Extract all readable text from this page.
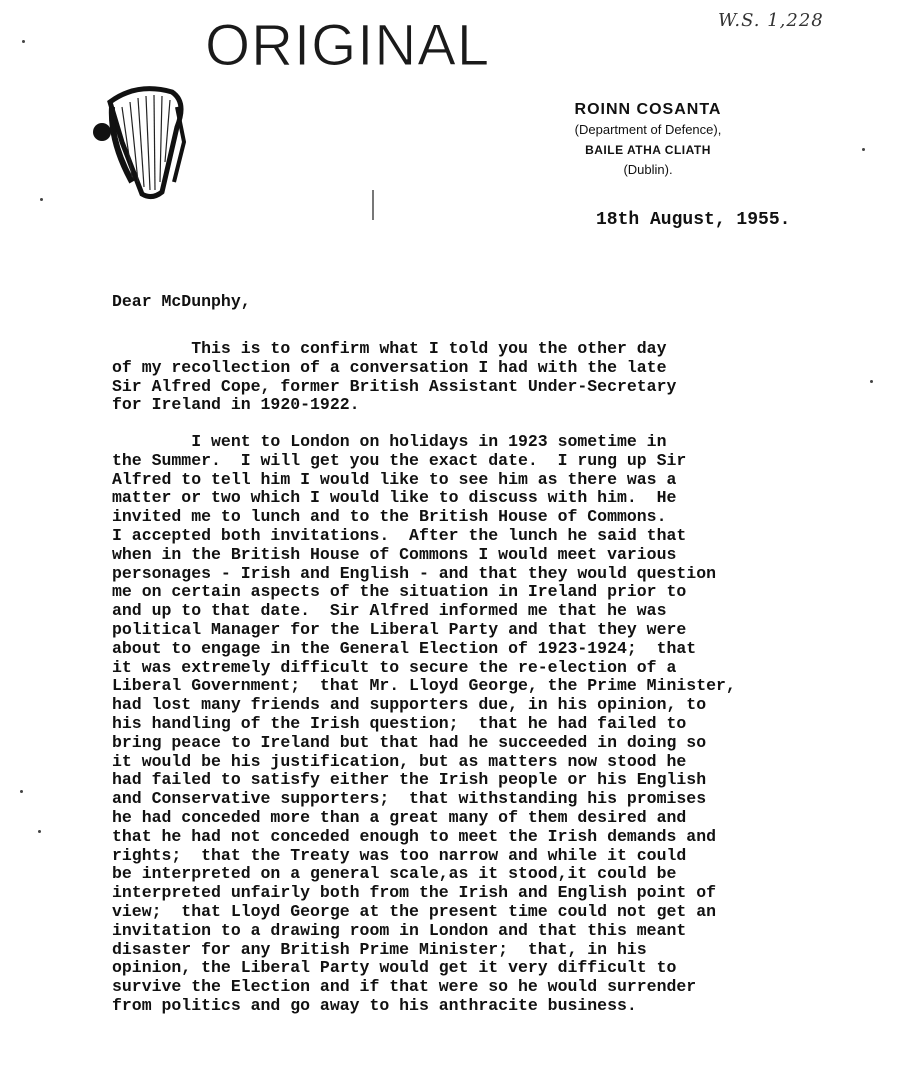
ORIGINAL	W.S. 1,228
ROINN COSANTA
(Department of Defence),
BAILE ATHA CLIATH
(Dublin).
18th August, 1955.
Dear McDunphy,
This is to confirm what I told you the other day
of my recollection of a conversation I had with the late
Sir Alfred Cope, former British Assistant Under-Secretary
for Ireland in 1920-1922.
I went to London on holidays in 1923 sometime in
the Summer.  I will get you the exact date.  I rung up Sir
Alfred to tell him I would like to see him as there was a
matter or two which I would like to discuss with him.  He
invited me to lunch and to the British House of Commons.
I accepted both invitations.  After the lunch he said that
when in the British House of Commons I would meet various
personages - Irish and English - and that they would question
me on certain aspects of the situation in Ireland prior to
and up to that date.  Sir Alfred informed me that he was
political Manager for the Liberal Party and that they were
about to engage in the General Election of 1923-1924;  that
it was extremely difficult to secure the re-election of a
Liberal Government;  that Mr. Lloyd George, the Prime Minister,
had lost many friends and supporters due, in his opinion, to
his handling of the Irish question;  that he had failed to
bring peace to Ireland but that had he succeeded in doing so
it would be his justification, but as matters now stood he
had failed to satisfy either the Irish people or his English
and Conservative supporters;  that withstanding his promises
he had conceded more than a great many of them desired and
that he had not conceded enough to meet the Irish demands and
rights;  that the Treaty was too narrow and while it could
be interpreted on a general scale,as it stood,it could be
interpreted unfairly both from the Irish and English point of
view;  that Lloyd George at the present time could not get an
invitation to a drawing room in London and that this meant
disaster for any British Prime Minister;  that, in his
opinion, the Liberal Party would get it very difficult to
survive the Election and if that were so he would surrender
from politics and go away to his anthracite business.
